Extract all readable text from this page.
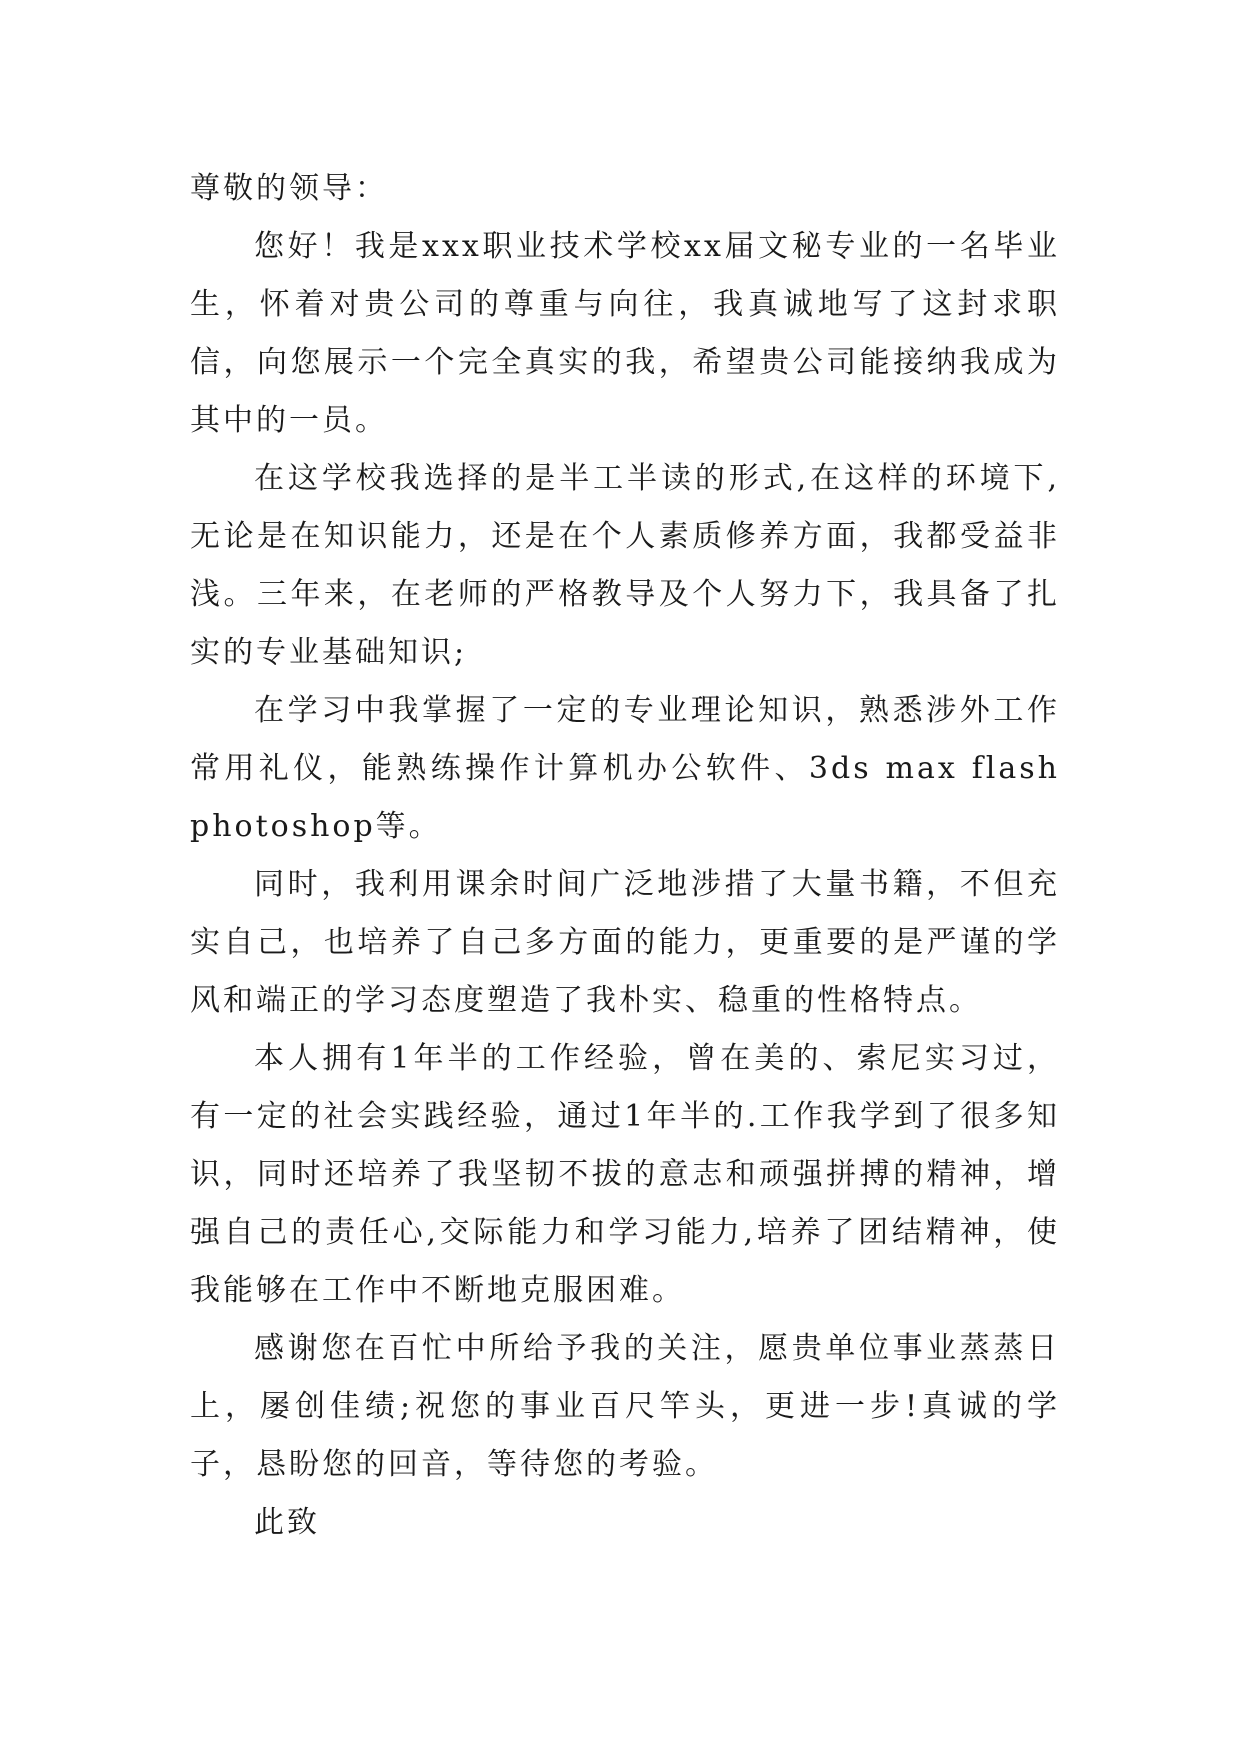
尊敬的领导：

您好！我是xxx职业技术学校xx届文秘专业的一名毕业生，怀着对贵公司的尊重与向往，我真诚地写了这封求职信，向您展示一个完全真实的我，希望贵公司能接纳我成为其中的一员。

在这学校我选择的是半工半读的形式,在这样的环境下,无论是在知识能力，还是在个人素质修养方面，我都受益非浅。三年来，在老师的严格教导及个人努力下，我具备了扎实的专业基础知识;

在学习中我掌握了一定的专业理论知识，熟悉涉外工作常用礼仪，能熟练操作计算机办公软件、3ds max flash photoshop等。

同时，我利用课余时间广泛地涉措了大量书籍，不但充实自己，也培养了自己多方面的能力，更重要的是严谨的学风和端正的学习态度塑造了我朴实、稳重的性格特点。

本人拥有1年半的工作经验，曾在美的、索尼实习过，有一定的社会实践经验，通过1年半的.工作我学到了很多知识，同时还培养了我坚韧不拔的意志和顽强拼搏的精神，增强自己的责任心,交际能力和学习能力,培养了团结精神，使我能够在工作中不断地克服困难。

感谢您在百忙中所给予我的关注，愿贵单位事业蒸蒸日上，屡创佳绩;祝您的事业百尺竿头，更进一步!真诚的学子，恳盼您的回音，等待您的考验。

此致
